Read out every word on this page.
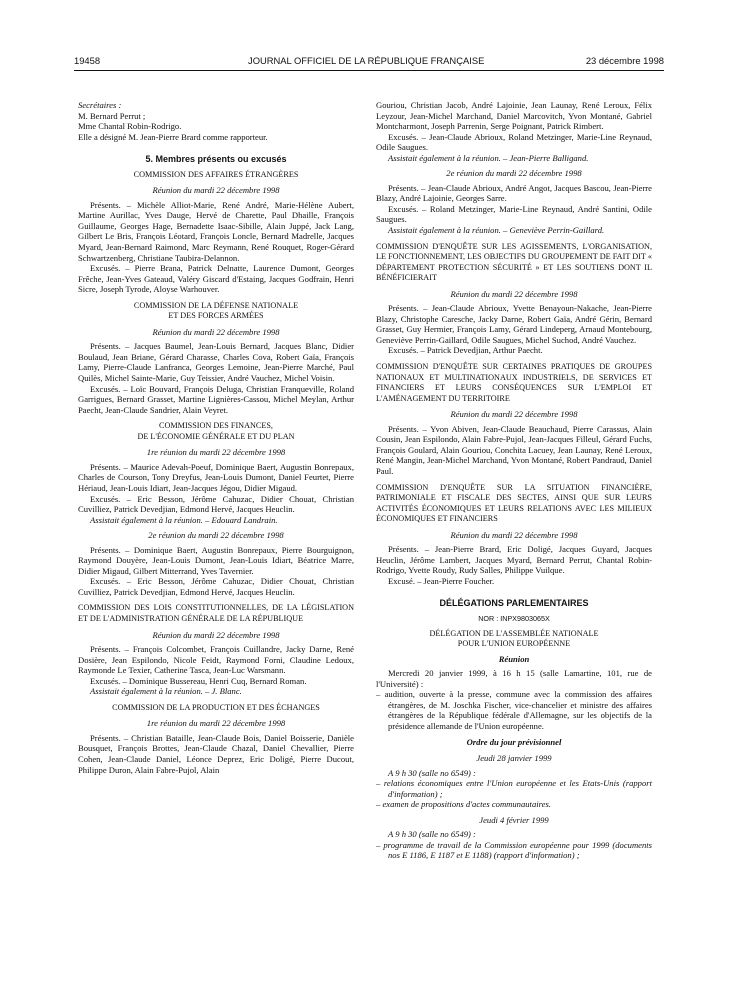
19458	JOURNAL OFFICIEL DE LA RÉPUBLIQUE FRANÇAISE	23 décembre 1998

Secrétaires :

M. Bernard Perrut ;

Mme Chantal Robin-Rodrigo.

Elle a désigné M. Jean-Pierre Brard comme rapporteur.

5. Membres présents ou excusés

COMMISSION DES AFFAIRES ÉTRANGÈRES

Réunion du mardi 22 décembre 1998

Présents. – Michèle Alliot-Marie, René André, Marie-Hélène Aubert, Martine Aurillac, Yves Dauge, Hervé de Charette, Paul Dhaille, François Guillaume, Georges Hage, Bernadette Isaac-Sibille, Alain Juppé, Jack Lang, Gilbert Le Bris, François Léotard, François Loncle, Bernard Madrelle, Jacques Myard, Jean-Bernard Raimond, Marc Reymann, René Rouquet, Roger-Gérard Schwartzenberg, Christiane Taubira-Delannon.

Excusés. – Pierre Brana, Patrick Delnatte, Laurence Dumont, Georges Frêche, Jean-Yves Gateaud, Valéry Giscard d'Estaing, Jacques Godfrain, Henri Sicre, Joseph Tyrode, Aloyse Warhouver.

COMMISSION DE LA DÉFENSE NATIONALE

ET DES FORCES ARMÉES

Réunion du mardi 22 décembre 1998

Présents. – Jacques Baumel, Jean-Louis Bernard, Jacques Blanc, Didier Boulaud, Jean Briane, Gérard Charasse, Charles Cova, Robert Gaïa, François Lamy, Pierre-Claude Lanfranca, Georges Lemoine, Jean-Pierre Marché, Paul Quilès, Michel Sainte-Marie, Guy Teissier, André Vauchez, Michel Voisin.

Excusés. – Loïc Bouvard, François Deluga, Christian Franqueville, Roland Garrigues, Bernard Grasset, Martine Lignières-Cassou, Michel Meylan, Arthur Paecht, Jean-Claude Sandrier, Alain Veyret.

COMMISSION DES FINANCES,

DE L'ÉCONOMIE GÉNÉRALE ET DU PLAN

1re réunion du mardi 22 décembre 1998

Présents. – Maurice Adevah-Poeuf, Dominique Baert, Augustin Bonrepaux, Charles de Courson, Tony Dreyfus, Jean-Louis Dumont, Daniel Feurtet, Pierre Hériaud, Jean-Louis Idiart, Jean-Jacques Jégou, Didier Migaud.

Excusés. – Eric Besson, Jérôme Cahuzac, Didier Chouat, Christian Cuvilliez, Patrick Devedjian, Edmond Hervé, Jacques Heuclin.

Assistait également à la réunion. – Edouard Landrain.

2e réunion du mardi 22 décembre 1998

Présents. – Dominique Baert, Augustin Bonrepaux, Pierre Bourguignon, Raymond Douyère, Jean-Louis Dumont, Jean-Louis Idiart, Béatrice Marre, Didier Migaud, Gilbert Mitterrand, Yves Tavernier.

Excusés. – Eric Besson, Jérôme Cahuzac, Didier Chouat, Christian Cuvilliez, Patrick Devedjian, Edmond Hervé, Jacques Heuclin.

COMMISSION DES LOIS CONSTITUTIONNELLES, DE LA LÉGISLATION ET DE L'ADMINISTRATION GÉNÉRALE DE LA RÉPUBLIQUE

Réunion du mardi 22 décembre 1998

Présents. – François Colcombet, François Cuillandre, Jacky Darne, René Dosière, Jean Espilondo, Nicole Feidt, Raymond Forni, Claudine Ledoux, Raymonde Le Texier, Catherine Tasca, Jean-Luc Warsmann.

Excusés. – Dominique Bussereau, Henri Cuq, Bernard Roman.

Assistait également à la réunion. – J. Blanc.

COMMISSION DE LA PRODUCTION ET DES ÉCHANGES

1re réunion du mardi 22 décembre 1998

Présents. – Christian Bataille, Jean-Claude Bois, Daniel Boisserie, Danièle Bousquet, François Brottes, Jean-Claude Chazal, Daniel Chevallier, Pierre Cohen, Jean-Claude Daniel, Léonce Deprez, Eric Doligé, Pierre Ducout, Philippe Duron, Alain Fabre-Pujol, Alain

Gouriou, Christian Jacob, André Lajoinie, Jean Launay, René Leroux, Félix Leyzour, Jean-Michel Marchand, Daniel Marcovitch, Yvon Montané, Gabriel Montcharmont, Joseph Parrenin, Serge Poignant, Patrick Rimbert.

Excusés. – Jean-Claude Abrioux, Roland Metzinger, Marie-Line Reynaud, Odile Saugues.

Assistait également à la réunion. – Jean-Pierre Balligand.

2e réunion du mardi 22 décembre 1998

Présents. – Jean-Claude Abrioux, André Angot, Jacques Bascou, Jean-Pierre Blazy, André Lajoinie, Georges Sarre.

Excusés. – Roland Metzinger, Marie-Line Reynaud, André Santini, Odile Saugues.

Assistait également à la réunion. – Geneviève Perrin-Gaillard.

COMMISSION D'ENQUÊTE SUR LES AGISSEMENTS, L'ORGANISATION, LE FONCTIONNEMENT, LES OBJECTIFS DU GROUPEMENT DE FAIT DIT « DÉPARTEMENT PROTECTION SÉCURITÉ » ET LES SOUTIENS DONT IL BÉNÉFICIERAIT

Réunion du mardi 22 décembre 1998

Présents. – Jean-Claude Abrioux, Yvette Benayoun-Nakache, Jean-Pierre Blazy, Christophe Caresche, Jacky Darne, Robert Gaïa, André Gérin, Bernard Grasset, Guy Hermier, François Lamy, Gérard Lindeperg, Arnaud Montebourg, Geneviève Perrin-Gaillard, Odile Saugues, Michel Suchod, André Vauchez.

Excusés. – Patrick Devedjian, Arthur Paecht.

COMMISSION D'ENQUÊTE SUR CERTAINES PRATIQUES DE GROUPES NATIONAUX ET MULTINATIONAUX INDUSTRIELS, DE SERVICES ET FINANCIERS ET LEURS CONSÉQUENCES SUR L'EMPLOI ET L'AMÉNAGEMENT DU TERRITOIRE

Réunion du mardi 22 décembre 1998

Présents. – Yvon Abiven, Jean-Claude Beauchaud, Pierre Carassus, Alain Cousin, Jean Espilondo, Alain Fabre-Pujol, Jean-Jacques Filleul, Gérard Fuchs, François Goulard, Alain Gouriou, Conchita Lacuey, Jean Launay, René Leroux, René Mangin, Jean-Michel Marchand, Yvon Montané, Robert Pandraud, Daniel Paul.

COMMISSION D'ENQUÊTE SUR LA SITUATION FINANCIÈRE, PATRIMONIALE ET FISCALE DES SECTES, AINSI QUE SUR LEURS ACTIVITÉS ÉCONOMIQUES ET LEURS RELATIONS AVEC LES MILIEUX ÉCONOMIQUES ET FINANCIERS

Réunion du mardi 22 décembre 1998

Présents. – Jean-Pierre Brard, Eric Doligé, Jacques Guyard, Jacques Heuclin, Jérôme Lambert, Jacques Myard, Bernard Perrut, Chantal Robin-Rodrigo, Yvette Roudy, Rudy Salles, Philippe Vuilque.

Excusé. – Jean-Pierre Foucher.

DÉLÉGATIONS PARLEMENTAIRES

NOR : INPX9803065X

DÉLÉGATION DE L'ASSEMBLÉE NATIONALE

POUR L'UNION EUROPÉENNE

Réunion

Mercredi 20 janvier 1999, à 16 h 15 (salle Lamartine, 101, rue de l'Université) :

– audition, ouverte à la presse, commune avec la commission des affaires étrangères, de M. Joschka Fischer, vice-chancelier et ministre des affaires étrangères de la République fédérale d'Allemagne, sur les objectifs de la présidence allemande de l'Union européenne.

Ordre du jour prévisionnel

Jeudi 28 janvier 1999

A 9 h 30 (salle no 6549) :

– relations économiques entre l'Union européenne et les Etats-Unis (rapport d'information) ;

– examen de propositions d'actes communautaires.

Jeudi 4 février 1999

A 9 h 30 (salle no 6549) :

– programme de travail de la Commission européenne pour 1999 (documents nos E 1186, E 1187 et E 1188) (rapport d'information) ;
